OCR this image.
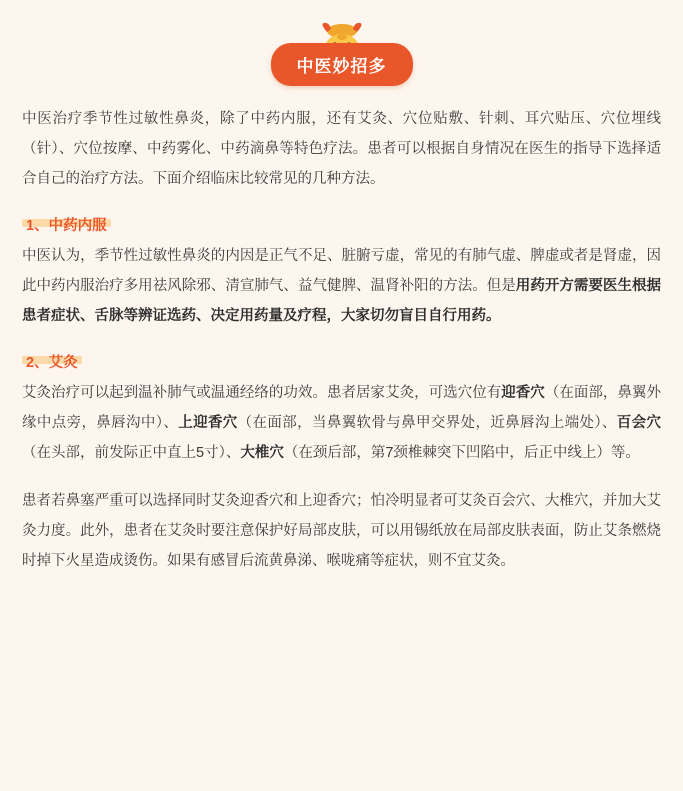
中医妙招多

中医治疗季节性过敏性鼻炎，除了中药内服，还有艾灸、穴位贴敷、针刺、耳穴贴压、穴位埋线（针）、穴位按摩、中药雾化、中药滴鼻等特色疗法。患者可以根据自身情况在医生的指导下选择适合自己的治疗方法。下面介绍临床比较常见的几种方法。

1、中药内服

中医认为，季节性过敏性鼻炎的内因是正气不足、脏腑亏虚，常见的有肺气虚、脾虚或者是肾虚，因此中药内服治疗多用祛风除邪、清宣肺气、益气健脾、温肾补阳的方法。但是用药开方需要医生根据患者症状、舌脉等辨证选药、决定用药量及疗程，大家切勿盲目自行用药。

2、艾灸

艾灸治疗可以起到温补肺气或温通经络的功效。患者居家艾灸，可选穴位有迎香穴（在面部，鼻翼外缘中点旁，鼻唇沟中）、上迎香穴（在面部，当鼻翼软骨与鼻甲交界处，近鼻唇沟上端处）、百会穴（在头部，前发际正中直上5寸）、大椎穴（在颈后部，第7颈椎棘突下凹陷中，后正中线上）等。

患者若鼻塞严重可以选择同时艾灸迎香穴和上迎香穴；怕冷明显者可艾灸百会穴、大椎穴，并加大艾灸力度。此外，患者在艾灸时要注意保护好局部皮肤，可以用锡纸放在局部皮肤表面，防止艾条燃烧时掉下火星造成烫伤。如果有感冒后流黄鼻涕、喉咙痛等症状，则不宜艾灸。
